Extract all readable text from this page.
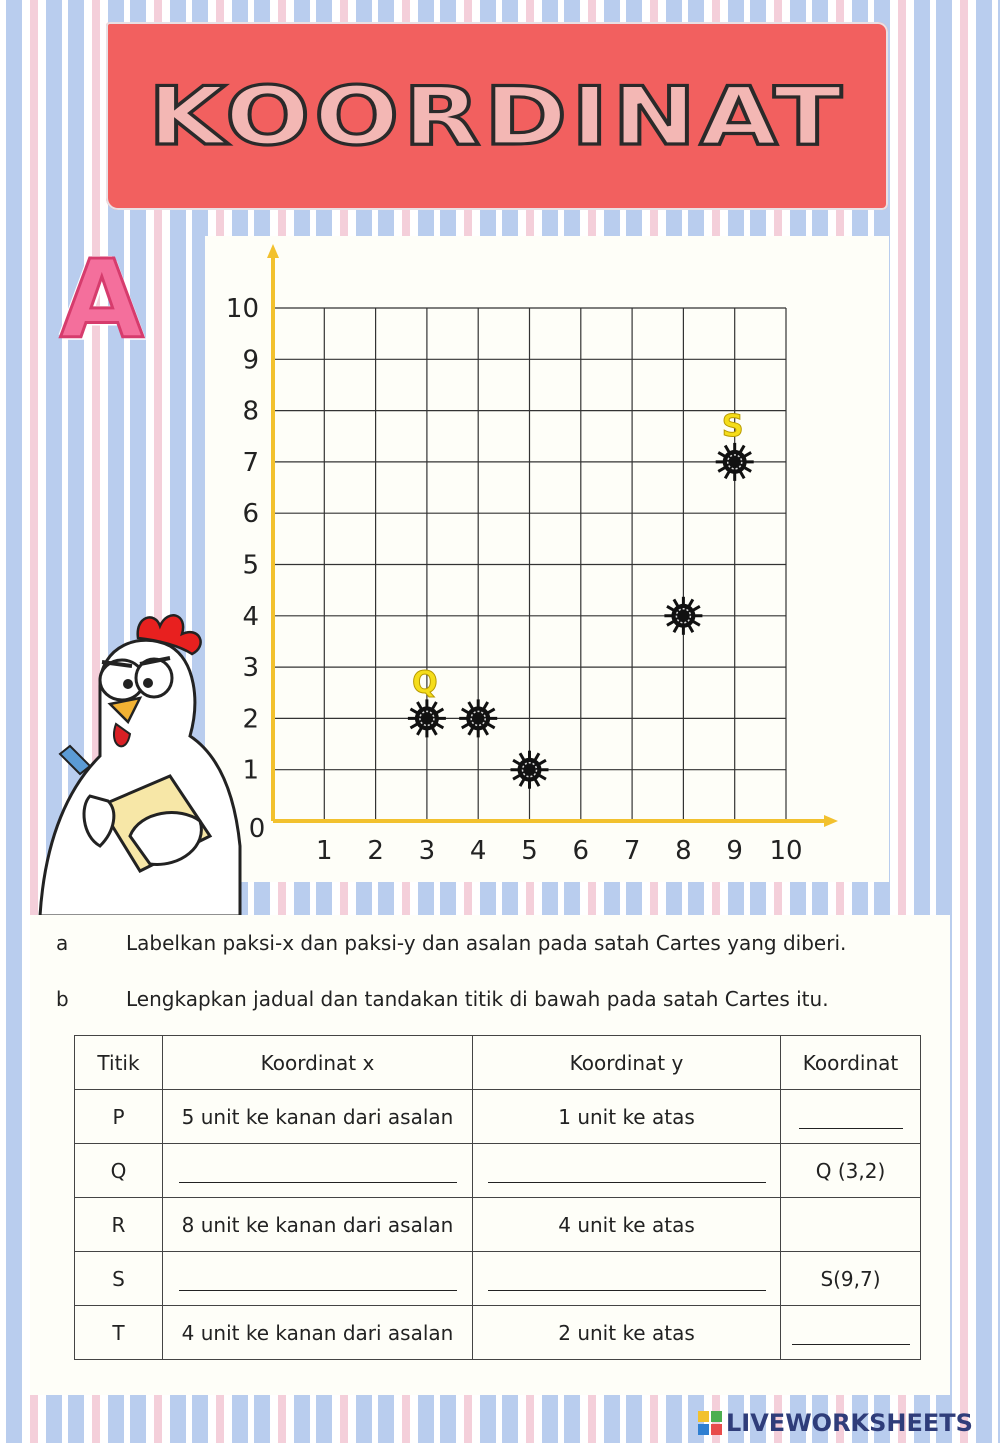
KOORDINAT
A
1 2 3 4 5 6 7 8 9 10
1
2
3
4
5
6
7
8
9
10
0
Q
S
a	Labelkan paksi-x dan paksi-y dan asalan pada satah Cartes yang diberi.
b	Lengkapkan jadual dan tandakan titik di bawah pada satah Cartes itu.
Titik	Koordinat x	Koordinat y	Koordinat
P	5 unit ke kanan dari asalan	1 unit ke atas	
Q			Q (3,2)
R	8 unit ke kanan dari asalan	4 unit ke atas	
S			S(9,7)
T	4 unit ke kanan dari asalan	2 unit ke atas	
LIVEWORKSHEETS
